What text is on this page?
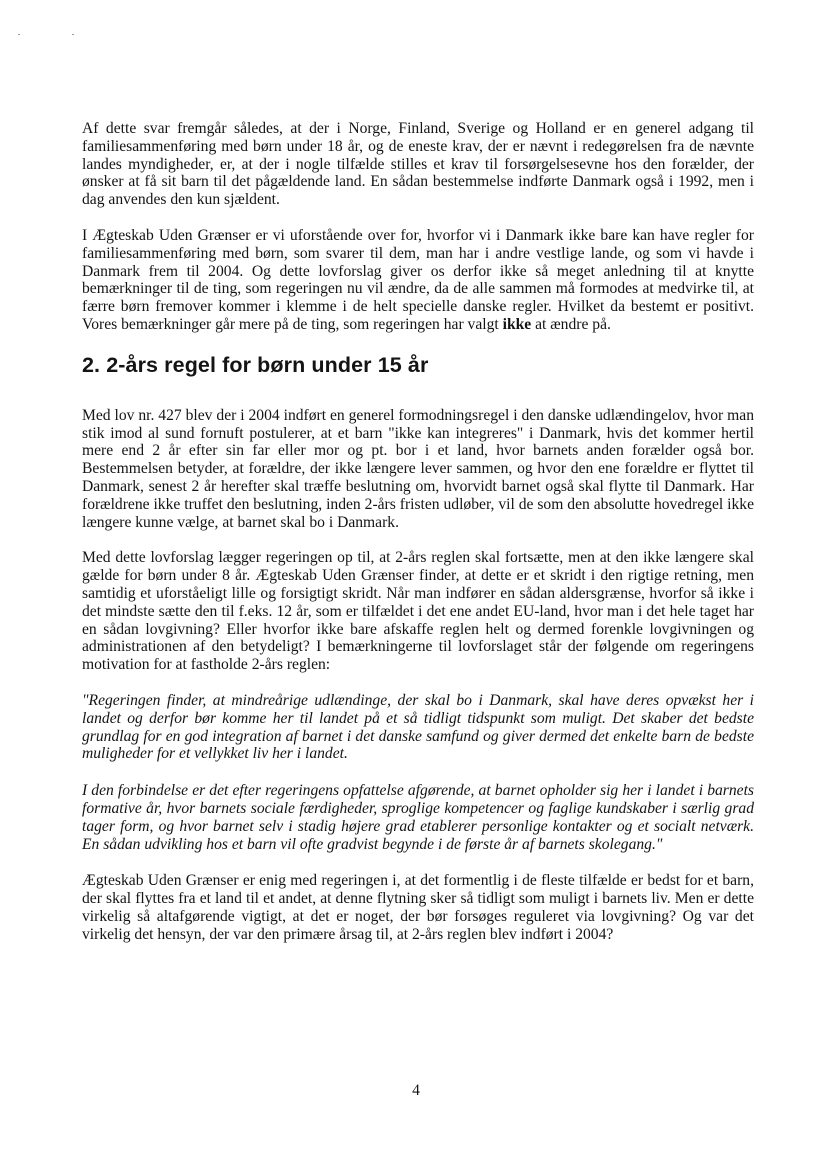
Af dette svar fremgår således, at der i Norge, Finland, Sverige og Holland er en generel adgang til familiesammenføring med børn under 18 år, og de eneste krav, der er nævnt i redegørelsen fra de nævnte landes myndigheder, er, at der i nogle tilfælde stilles et krav til forsørgelsesevne hos den forælder, der ønsker at få sit barn til det pågældende land. En sådan bestemmelse indførte Danmark også i 1992, men i dag anvendes den kun sjældent.

I Ægteskab Uden Grænser er vi uforstående over for, hvorfor vi i Danmark ikke bare kan have regler for familiesammenføring med børn, som svarer til dem, man har i andre vestlige lande, og som vi havde i Danmark frem til 2004. Og dette lovforslag giver os derfor ikke så meget anledning til at knytte bemærkninger til de ting, som regeringen nu vil ændre, da de alle sammen må formodes at medvirke til, at færre børn fremover kommer i klemme i de helt specielle danske regler. Hvilket da bestemt er positivt. Vores bemærkninger går mere på de ting, som regeringen har valgt ikke at ændre på.

2. 2-års regel for børn under 15 år

Med lov nr. 427 blev der i 2004 indført en generel formodningsregel i den danske udlændingelov, hvor man stik imod al sund fornuft postulerer, at et barn "ikke kan integreres" i Danmark, hvis det kommer hertil mere end 2 år efter sin far eller mor og pt. bor i et land, hvor barnets anden forælder også bor. Bestemmelsen betyder, at forældre, der ikke længere lever sammen, og hvor den ene forældre er flyttet til Danmark, senest 2 år herefter skal træffe beslutning om, hvorvidt barnet også skal flytte til Danmark. Har forældrene ikke truffet den beslutning, inden 2-års fristen udløber, vil de som den absolutte hovedregel ikke længere kunne vælge, at barnet skal bo i Danmark.

Med dette lovforslag lægger regeringen op til, at 2-års reglen skal fortsætte, men at den ikke længere skal gælde for børn under 8 år. Ægteskab Uden Grænser finder, at dette er et skridt i den rigtige retning, men samtidig et uforståeligt lille og forsigtigt skridt. Når man indfører en sådan aldersgrænse, hvorfor så ikke i det mindste sætte den til f.eks. 12 år, som er tilfældet i det ene andet EU-land, hvor man i det hele taget har en sådan lovgivning? Eller hvorfor ikke bare afskaffe reglen helt og dermed forenkle lovgivningen og administrationen af den betydeligt? I bemærkningerne til lovforslaget står der følgende om regeringens motivation for at fastholde 2-års reglen:

"Regeringen finder, at mindreårige udlændinge, der skal bo i Danmark, skal have deres opvækst her i landet og derfor bør komme her til landet på et så tidligt tidspunkt som muligt. Det skaber det bedste grundlag for en god integration af barnet i det danske samfund og giver dermed det enkelte barn de bedste muligheder for et vellykket liv her i landet.

I den forbindelse er det efter regeringens opfattelse afgørende, at barnet opholder sig her i landet i barnets formative år, hvor barnets sociale færdigheder, sproglige kompetencer og faglige kundskaber i særlig grad tager form, og hvor barnet selv i stadig højere grad etablerer personlige kontakter og et socialt netværk. En sådan udvikling hos et barn vil ofte gradvist begynde i de første år af barnets skolegang."

Ægteskab Uden Grænser er enig med regeringen i, at det formentlig i de fleste tilfælde er bedst for et barn, der skal flyttes fra et land til et andet, at denne flytning sker så tidligt som muligt i barnets liv. Men er dette virkelig så altafgørende vigtigt, at det er noget, der bør forsøges reguleret via lovgivning? Og var det virkelig det hensyn, der var den primære årsag til, at 2-års reglen blev indført i 2004?

4
